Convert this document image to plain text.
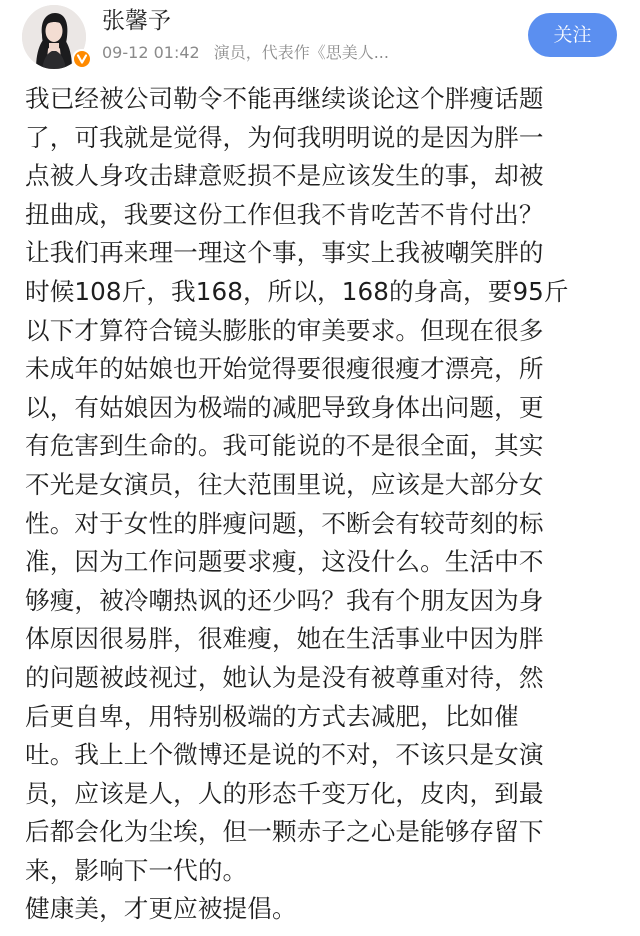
张馨予
09-12 01:42 演员，代表作《思美人...
关注
我已经被公司勒令不能再继续谈论这个胖瘦话题
了，可我就是觉得，为何我明明说的是因为胖一
点被人身攻击肆意贬损不是应该发生的事，却被
扭曲成，我要这份工作但我不肯吃苦不肯付出？
让我们再来理一理这个事，事实上我被嘲笑胖的
时候108斤，我168，所以，168的身高，要95斤
以下才算符合镜头膨胀的审美要求。但现在很多
未成年的姑娘也开始觉得要很瘦很瘦才漂亮，所
以，有姑娘因为极端的减肥导致身体出问题，更
有危害到生命的。我可能说的不是很全面，其实
不光是女演员，往大范围里说，应该是大部分女
性。对于女性的胖瘦问题，不断会有较苛刻的标
准，因为工作问题要求瘦，这没什么。生活中不
够瘦，被冷嘲热讽的还少吗？我有个朋友因为身
体原因很易胖，很难瘦，她在生活事业中因为胖
的问题被歧视过，她认为是没有被尊重对待，然
后更自卑，用特别极端的方式去减肥，比如催
吐。我上上个微博还是说的不对，不该只是女演
员，应该是人，人的形态千变万化，皮肉，到最
后都会化为尘埃，但一颗赤子之心是能够存留下
来，影响下一代的。
健康美，才更应被提倡。
